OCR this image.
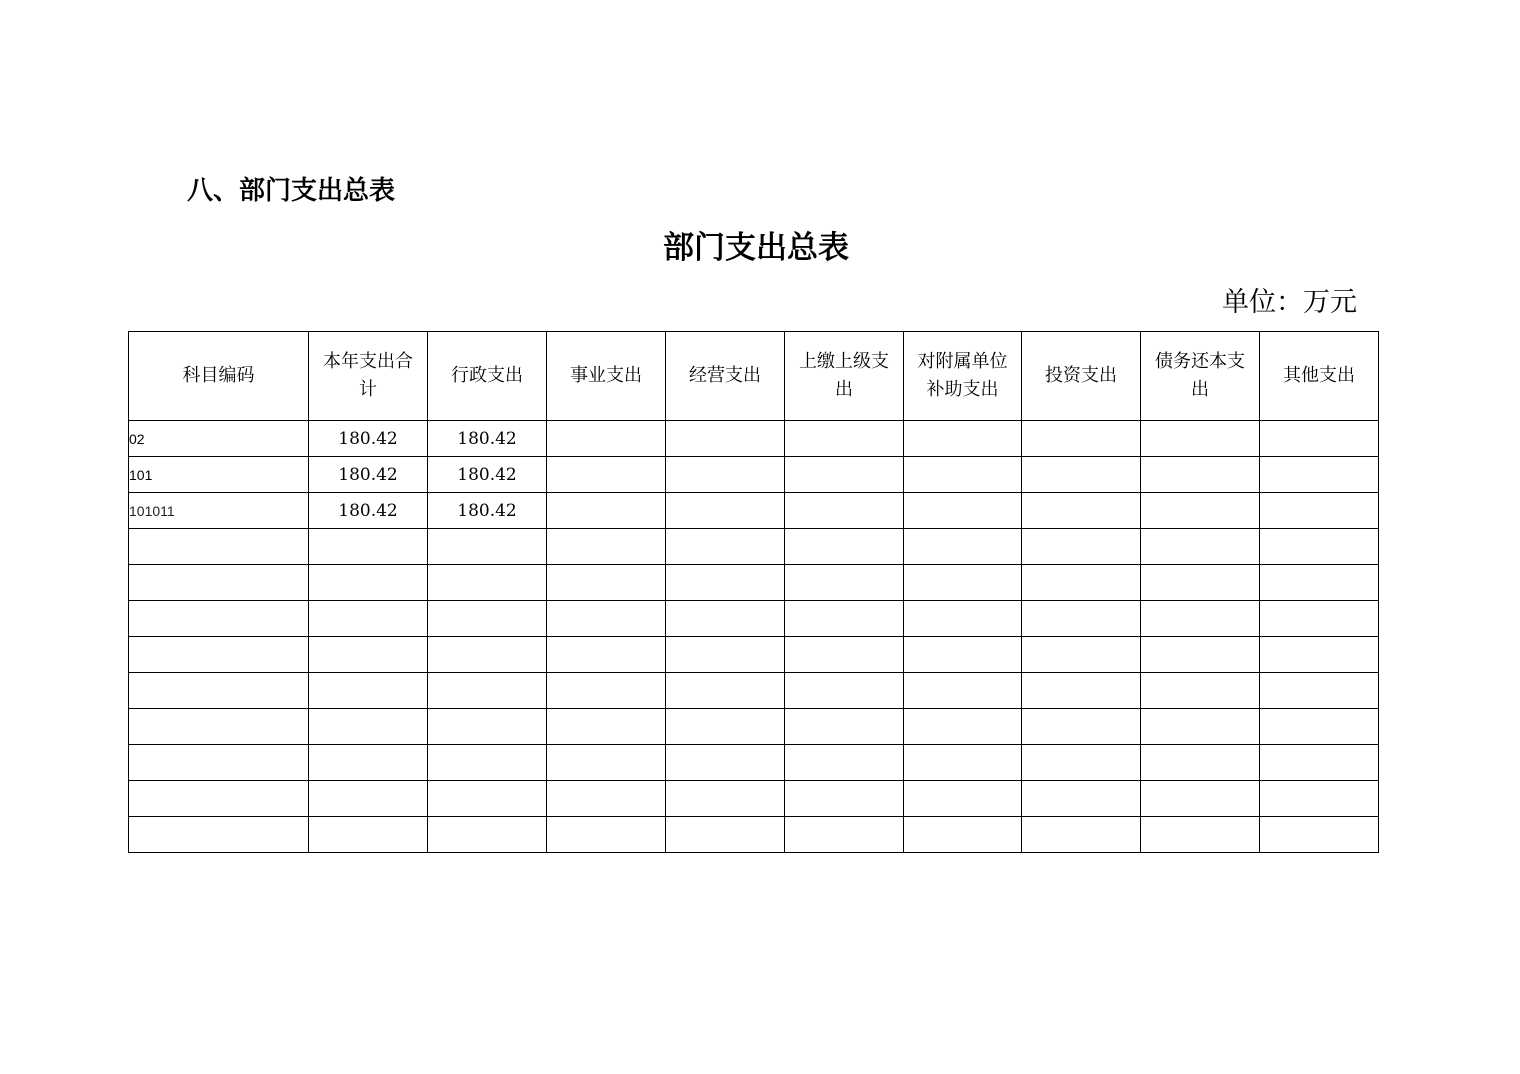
八、部门支出总表
部门支出总表
单位：万元
科目编码	本年支出合计	行政支出	事业支出	经营支出	上缴上级支出	对附属单位补助支出	投资支出	债务还本支出	其他支出
02	180.42	180.42							
101	180.42	180.42							
101011	180.42	180.42							
